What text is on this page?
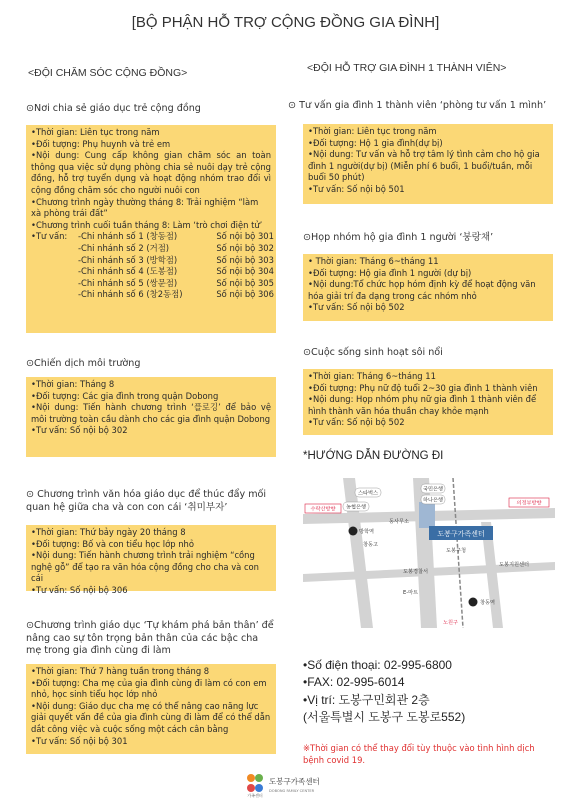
[BỘ PHẬN HỖ TRỢ CỘNG ĐỒNG GIA ĐÌNH]
<ĐỘI CHĂM SÓC CỘNG ĐỒNG>	<ĐỘI HỖ TRỢ GIA ĐÌNH 1 THÀNH VIÊN>
⊙Nơi chia sẻ giáo dục trẻ cộng đồng
•Thời gian: Liên tục trong năm
•Đối tượng: Phụ huynh và trẻ em
•Nội dung: Cung cấp không gian chăm sóc an toàn thông qua việc sử dụng phòng chia sẻ nuôi dạy trẻ cộng đồng, hỗ trợ tuyển dụng và hoạt động nhóm trao đổi vì cộng đồng chăm sóc cho người nuôi con
•Chương trình ngày thường tháng 8: Trải nghiệm “làm xà phòng trái đất”
•Chương trình cuối tuần tháng 8: Làm ‘trò chơi điện tử’
•Tư vấn:-Chi nhánh số 1 (창동점)	Số nội bộ 301
-Chi nhánh số 2 (거점)	Số nội bộ 302
-Chi nhánh số 3 (방학점)	Số nội bộ 303
-Chi nhánh số 4 (도봉점)	Số nội bộ 304
-Chi nhánh số 5 (쌍문점)	Số nội bộ 305
-Chi nhánh số 6 (창2동점)	Số nội bộ 306
⊙Chiến dịch môi trường
•Thời gian: Tháng 8
•Đối tượng: Các gia đình trong quận Dobong
•Nội dung: Tiến hành chương trình ‘플로깅’ để bảo vệ môi trường toàn cầu dành cho các gia đình quận Dobong
•Tư vấn: Số nội bộ 302
⊙ Chương trình văn hóa giáo dục để thúc đẩy mối quan hệ giữa cha và con con cái ‘취미부자’
•Thời gian: Thứ bảy ngày 20 tháng 8
•Đối tượng: Bố và con tiểu học lớp nhỏ
•Nội dung: Tiến hành chương trình trải nghiệm “cồng nghệ gỗ” để tạo ra văn hóa cộng đồng cho cha và con cái
•Tư vấn: Số nội bộ 306
⊙Chương trình giáo dục ‘Tự khám phá bản thân’ để nâng cao sự tôn trọng bản thân của các bậc cha mẹ trong gia đình cùng đi làm
•Thời gian: Thứ 7 hàng tuần trong tháng 8
•Đối tượng: Cha mẹ của gia đình cùng đi làm có con em nhỏ, học sinh tiểu học lớp nhỏ
•Nội dung: Giáo dục cha mẹ có thể nâng cao năng lực giải quyết vấn đề của gia đình cùng đi làm để có thể dẫn dắt công việc và cuộc sống một cách cân bằng
•Tư vấn: Số nội bộ 301
⊙ Tư vấn gia đình 1 thành viên ‘phòng tư vấn 1 mình’
•Thời gian: Liên tục trong năm
•Đối tượng: Hộ 1 gia đình(dự bị)
•Nội dung: Tư vấn và hỗ trợ tâm lý tình cảm cho hộ gia đình 1 người(dự bị) (Miễn phí 6 buổi, 1 buổi/tuần, mỗi buổi 50 phút)
•Tư vấn: Số nội bộ 501
⊙Họp nhóm hộ gia đình 1 người ‘붕랑채’
• Thời gian: Tháng 6~tháng 11
•Đối tượng: Hộ gia đình 1 người (dự bị)
•Nội dung:Tổ chức họp hóm định kỳ để hoạt động văn hóa giải trí đa dạng trong các nhóm nhỏ
•Tư vấn: Số nội bộ 502
⊙Cuộc sống sinh hoạt sôi nổi
•Thời gian: Tháng 6~tháng 11
•Đối tượng: Phụ nữ độ tuổi 2~30 gia đình 1 thành viên
•Nội dung: Họp nhóm phụ nữ gia đình 1 thành viên để hình thành văn hóa thuần chay khỏe mạnh
•Tư vấn: Số nội bộ 502
*HƯỚNG DẪN ĐƯỜNG ĐI
도봉구가족센터
스타벅스
국민은행
하나은행
수락산방향
의정부방향
농협은행
동사무소
방학역
창동고
도봉구청
도봉경찰서
E-마트
창동역
노원구
도봉지원센터
•Số điện thoại: 02-995-6800
•FAX: 02-995-6014
•Vị trí: 도봉구민회관 2층
(서울특별시 도봉구 도봉로552)
※Thời gian có thể thay đổi tùy thuộc vào tình hình dịch bệnh covid 19.
가족센터
도봉구가족센터
DOBONG FAMILY CENTER
